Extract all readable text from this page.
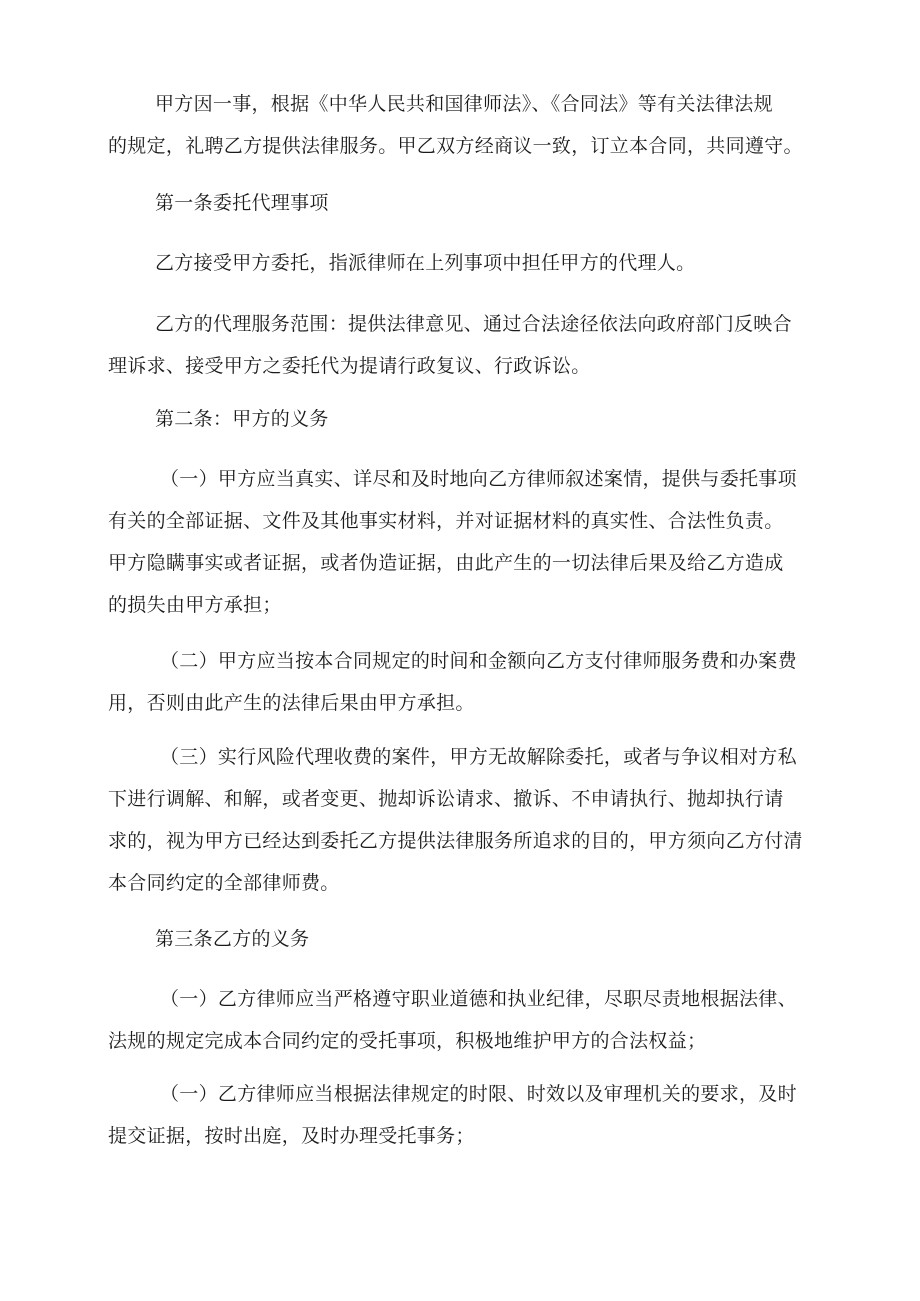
甲方因一事，根据《中华人民共和国律师法》、《合同法》等有关法律法规
的规定，礼聘乙方提供法律服务。甲乙双方经商议一致，订立本合同，共同遵守。

第一条委托代理事项

乙方接受甲方委托，指派律师在上列事项中担任甲方的代理人。

乙方的代理服务范围：提供法律意见、通过合法途径依法向政府部门反映合
理诉求、接受甲方之委托代为提请行政复议、行政诉讼。

第二条：甲方的义务

（一）甲方应当真实、详尽和及时地向乙方律师叙述案情，提供与委托事项
有关的全部证据、文件及其他事实材料，并对证据材料的真实性、合法性负责。
甲方隐瞒事实或者证据，或者伪造证据，由此产生的一切法律后果及给乙方造成
的损失由甲方承担；

（二）甲方应当按本合同规定的时间和金额向乙方支付律师服务费和办案费
用，否则由此产生的法律后果由甲方承担。

（三）实行风险代理收费的案件，甲方无故解除委托，或者与争议相对方私
下进行调解、和解，或者变更、抛却诉讼请求、撤诉、不申请执行、抛却执行请
求的，视为甲方已经达到委托乙方提供法律服务所追求的目的，甲方须向乙方付清
本合同约定的全部律师费。

第三条乙方的义务

（一）乙方律师应当严格遵守职业道德和执业纪律，尽职尽责地根据法律、
法规的规定完成本合同约定的受托事项，积极地维护甲方的合法权益；

（一）乙方律师应当根据法律规定的时限、时效以及审理机关的要求，及时
提交证据，按时出庭，及时办理受托事务；
